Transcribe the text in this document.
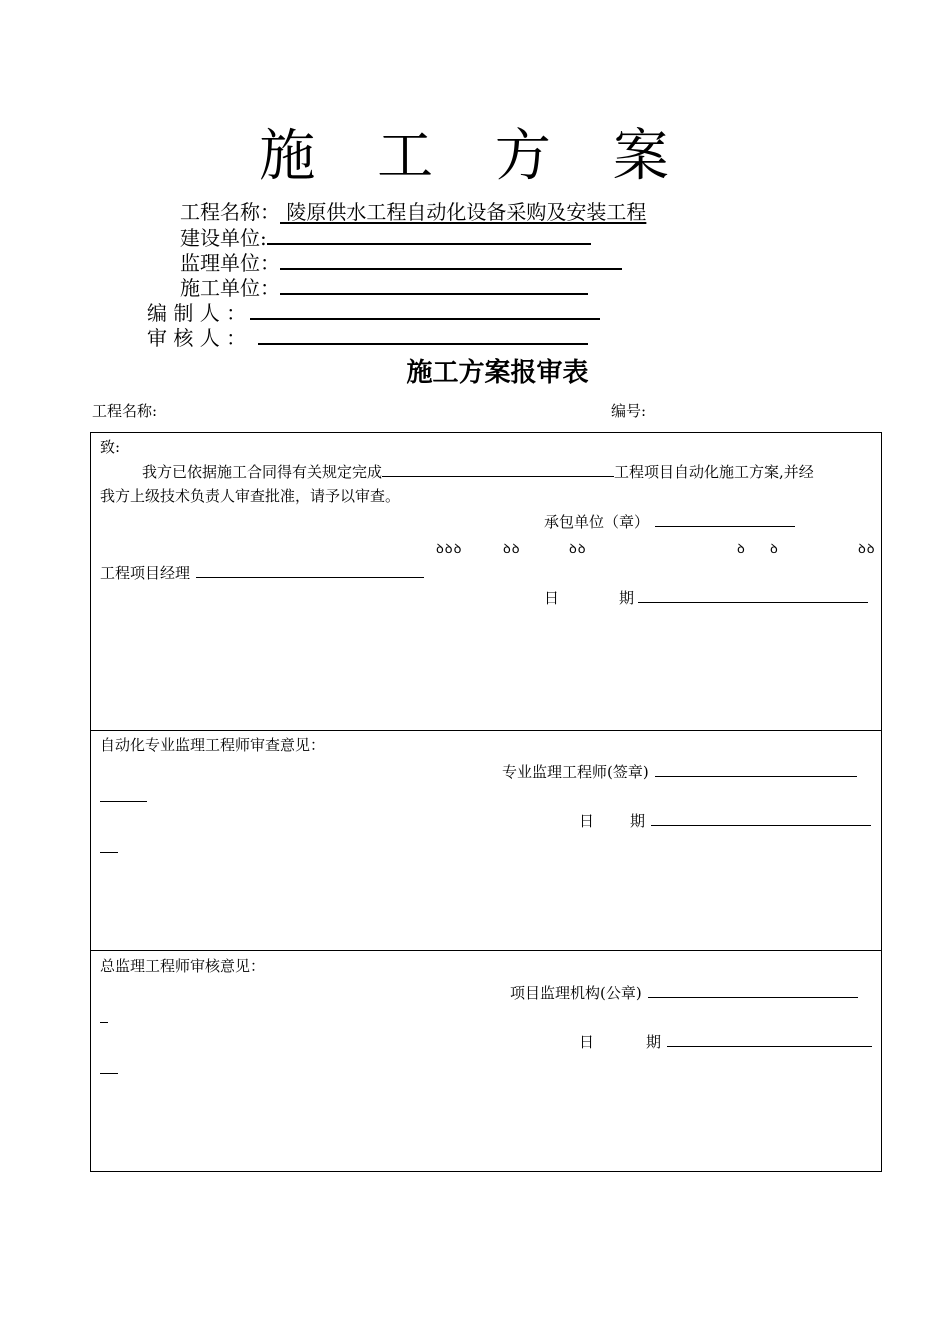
施 工 方 案
工程名称： 陵原供水工程自动化设备采购及安装工程
建设单位:
监理单位：
施工单位：
编 制 人 ：
审 核 人 ：
施工方案报审表
工程名称:	编号:
致:
我方已依据施工合同得有关规定完成	工程项目自动化施工方案,并经
我方上级技术负责人审查批准，请予以审查。
承包单位（章）
ꝺꝺꝺ	ꝺꝺ	ꝺꝺ	ꝺ ꝺ	ꝺꝺ
工程项目经理
日	期
自动化专业监理工程师审查意见：
专业监理工程师(签章)
日 期
总监理工程师审核意见：
项目监理机构(公章)
日	期
